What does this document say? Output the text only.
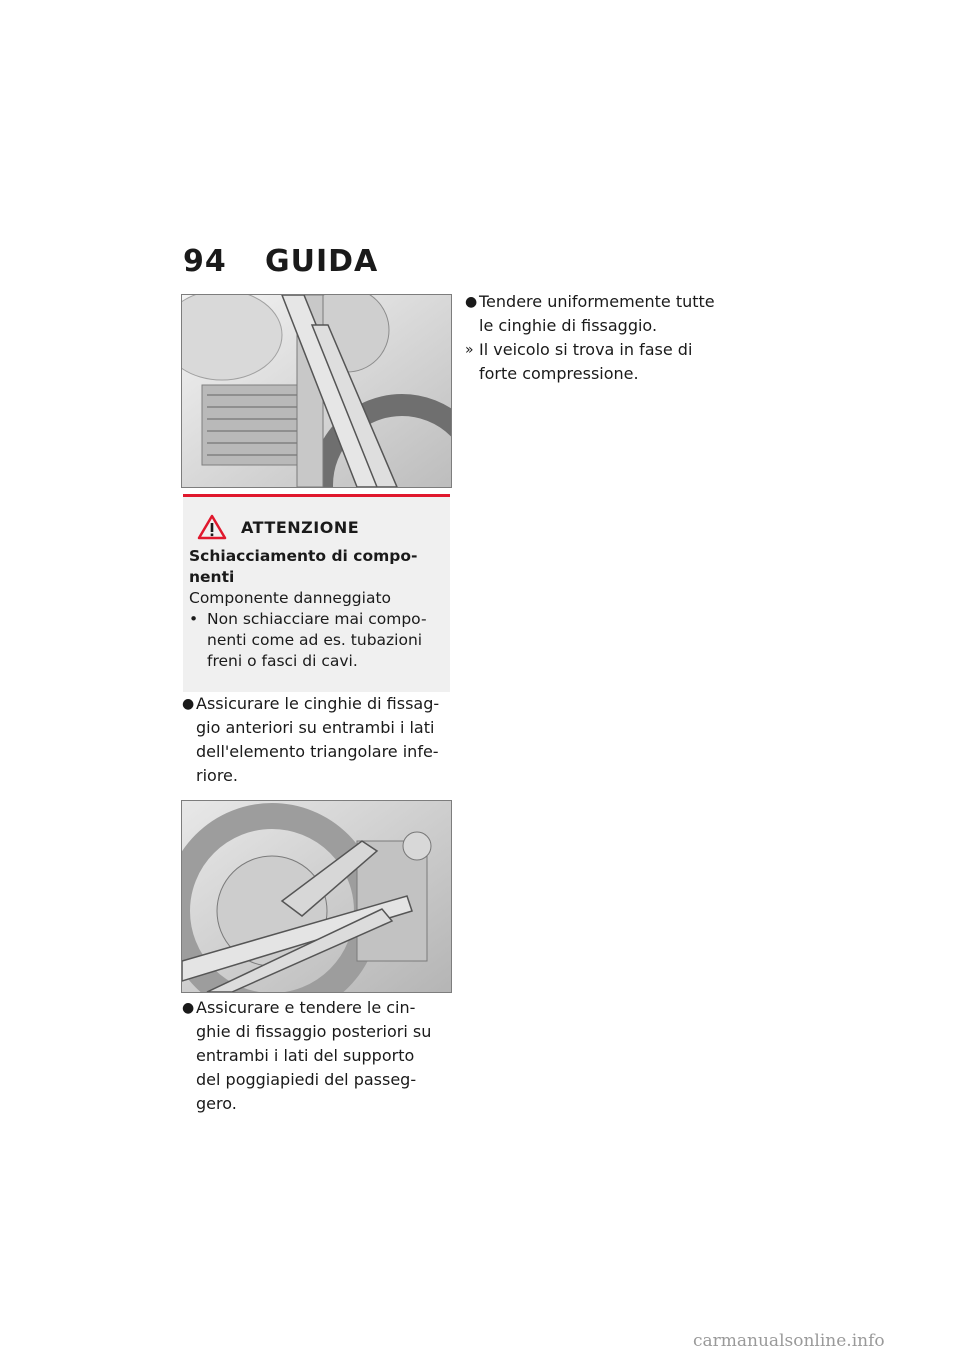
94 GUIDA
ATTENZIONE
Schiacciamento di compo-
nenti
Componente danneggiato
• Non schiacciare mai compo-
nenti come ad es. tubazioni
freni o fasci di cavi.
● Assicurare le cinghie di fissag-
gio anteriori su entrambi i lati
dell'elemento triangolare infe-
riore.
● Assicurare e tendere le cin-
ghie di fissaggio posteriori su
entrambi i lati del supporto
del poggiapiedi del passeg-
gero.
● Tendere uniformemente tutte
le cinghie di fissaggio.
» Il veicolo si trova in fase di
forte compressione.
carmanualsonline.info
